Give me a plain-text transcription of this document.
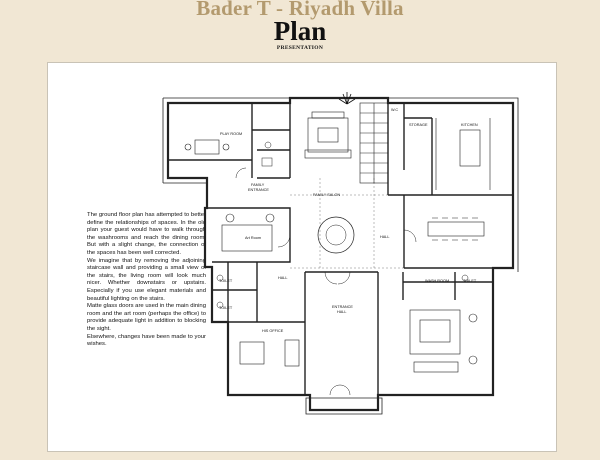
Bader T - Riyadh Villa
Plan
PRESENTATION

The ground floor plan has attempted to better define the relationships of spaces. In the old plan your guest would have to walk through the washrooms and reach the dining room. But with a slight change, the connection of the spaces has been well corrected.

We imagine that by removing the adjoining staircase wall and providing a small view of the stairs, the living room will look much nicer. Whether downstairs or upstairs. Especially if you use elegant materials and beautiful lighting on the stairs.

Matte glass doors are used in the main dining room and the art room (perhaps the office) to provide adequate light in addition to blocking the sight.

Elsewhere, changes have been made to your wishes.

PLAY ROOM
FAMILY
ENTRANCE
FAMILY SALON
STORAGE	KITCHEN
Art Room	HALL
HALL
TOILET
TOILET
TOILET
WASH ROOM
ENTRANCE
HALL
HIS OFFICE
W.C
